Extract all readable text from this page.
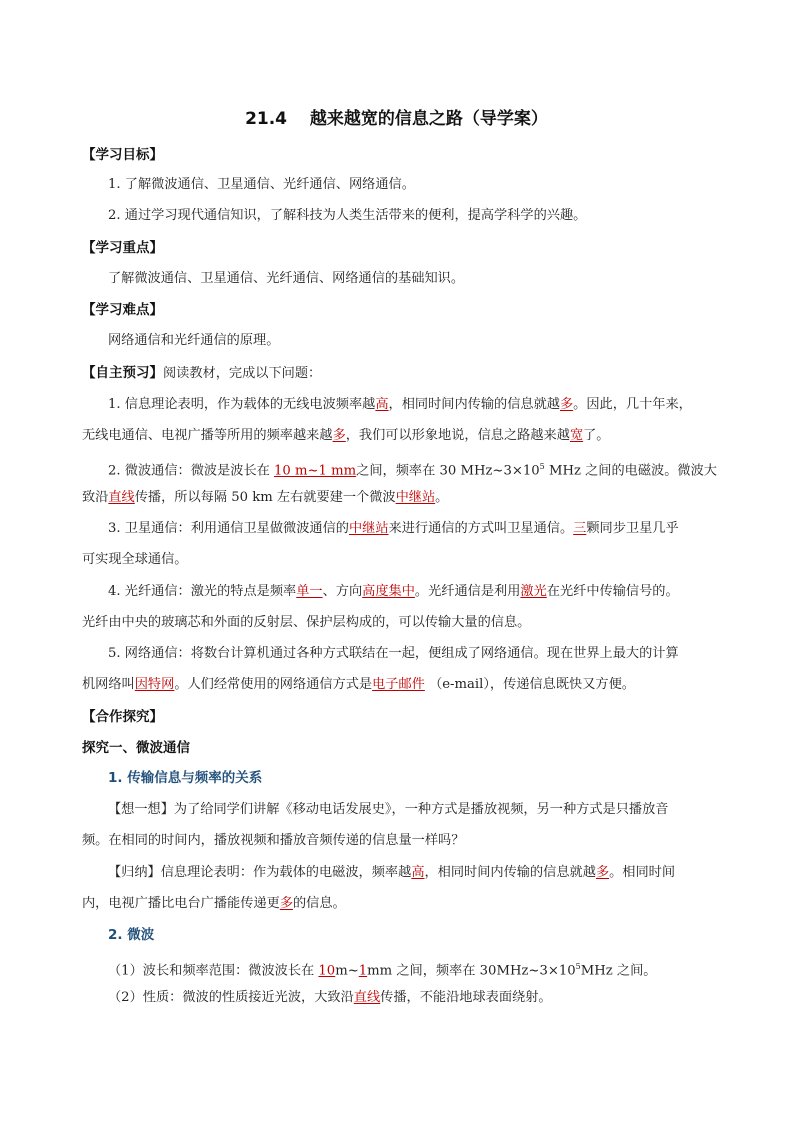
21.4　 越来越宽的信息之路（导学案）
【学习目标】
1. 了解微波通信、卫星通信、光纤通信、网络通信。
2. 通过学习现代通信知识，了解科技为人类生活带来的便利，提高学科学的兴趣。
【学习重点】
了解微波通信、卫星通信、光纤通信、网络通信的基础知识。
【学习难点】
网络通信和光纤通信的原理。
【自主预习】阅读教材，完成以下问题：
1. 信息理论表明，作为载体的无线电波频率越高，相同时间内传输的信息就越多。因此，几十年来，
无线电通信、电视广播等所用的频率越来越多，我们可以形象地说，信息之路越来越宽了。
2. 微波通信：微波是波长在 10 m~1 mm之间，频率在 30 $MHz\sim 3\times 10^5$ MHz 之间的电磁波。微波大
致沿直线传播，所以每隔 50 km 左右就要建一个微波中继站。
3. 卫星通信：利用通信卫星做微波通信的中继站来进行通信的方式叫卫星通信。三颗同步卫星几乎
可实现全球通信。
4. 光纤通信：激光的特点是频率单一、方向高度集中。光纤通信是利用激光在光纤中传输信号的。
光纤由中央的玻璃芯和外面的反射层、保护层构成的，可以传输大量的信息。
5. 网络通信：将数台计算机通过各种方式联结在一起，便组成了网络通信。现在世界上最大的计算
机网络叫因特网。人们经常使用的网络通信方式是电子邮件 （e-mail），传递信息既快又方便。
【合作探究】
探究一、微波通信
1. 传输信息与频率的关系
【想一想】为了给同学们讲解《移动电话发展史》，一种方式是播放视频，另一种方式是只播放音
频。在相同的时间内，播放视频和播放音频传递的信息量一样吗？
【归纳】信息理论表明：作为载体的电磁波，频率越高，相同时间内传输的信息就越多。相同时间
内，电视广播比电台广播能传递更多的信息。
2. 微波
（1）波长和频率范围：微波波长在 10m~1mm 之间，频率在 $30MHz\sim 3\times 10^5MHz$ 之间。
（2）性质：微波的性质接近光波，大致沿直线传播，不能沿地球表面绕射。
